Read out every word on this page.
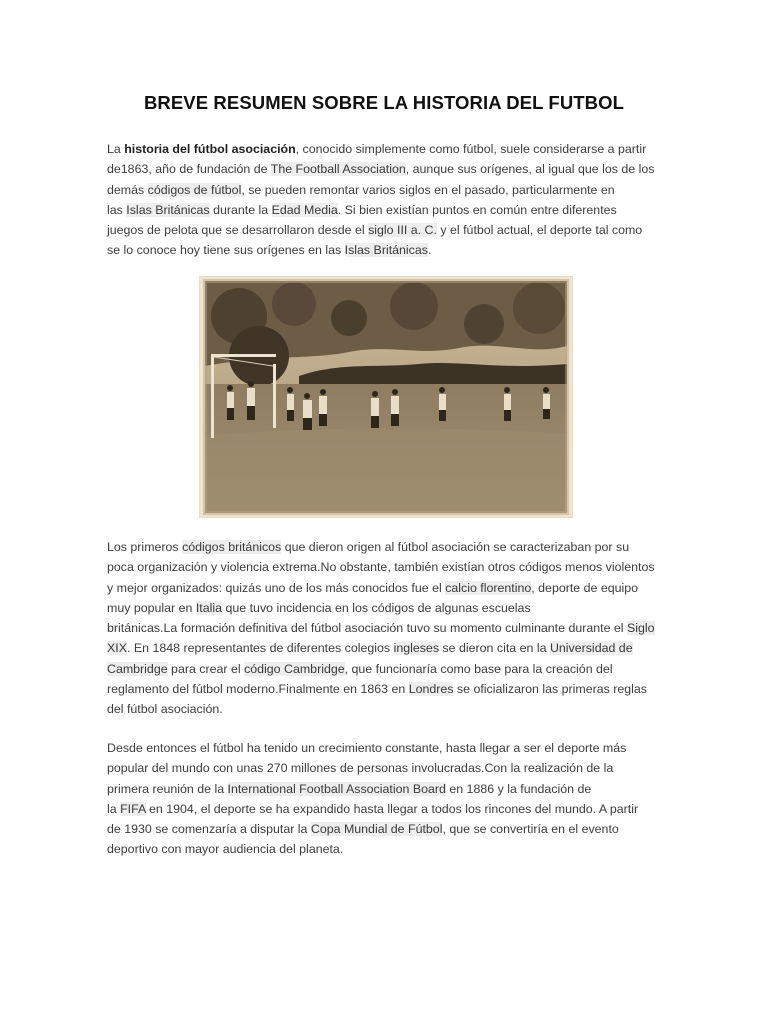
BREVE RESUMEN SOBRE LA HISTORIA DEL FUTBOL

La historia del fútbol asociación, conocido simplemente como fútbol, suele considerarse a partir
de1863, año de fundación de The Football Association, aunque sus orígenes, al igual que los de los
demás códigos de fútbol, se pueden remontar varios siglos en el pasado, particularmente en
las Islas Británicas durante la Edad Media. Si bien existían puntos en común entre diferentes
juegos de pelota que se desarrollaron desde el siglo III a. C. y el fútbol actual, el deporte tal como
se lo conoce hoy tiene sus orígenes en las Islas Británicas.

Los primeros códigos británicos que dieron origen al fútbol asociación se caracterizaban por su
poca organización y violencia extrema.No obstante, también existían otros códigos menos violentos
y mejor organizados: quizás uno de los más conocidos fue el calcio florentino, deporte de equipo
muy popular en Italia que tuvo incidencia en los códigos de algunas escuelas
británicas.La formación definitiva del fútbol asociación tuvo su momento culminante durante el Siglo
XIX. En 1848 representantes de diferentes colegios ingleses se dieron cita en la Universidad de
Cambridge para crear el código Cambridge, que funcionaría como base para la creación del
reglamento del fútbol moderno.Finalmente en 1863 en Londres se oficializaron las primeras reglas
del fútbol asociación.

Desde entonces el fútbol ha tenido un crecimiento constante, hasta llegar a ser el deporte más
popular del mundo con unas 270 millones de personas involucradas.Con la realización de la
primera reunión de la International Football Association Board en 1886 y la fundación de
la FIFA en 1904, el deporte se ha expandido hasta llegar a todos los rincones del mundo. A partir
de 1930 se comenzaría a disputar la Copa Mundial de Fútbol, que se convertiría en el evento
deportivo con mayor audiencia del planeta.
